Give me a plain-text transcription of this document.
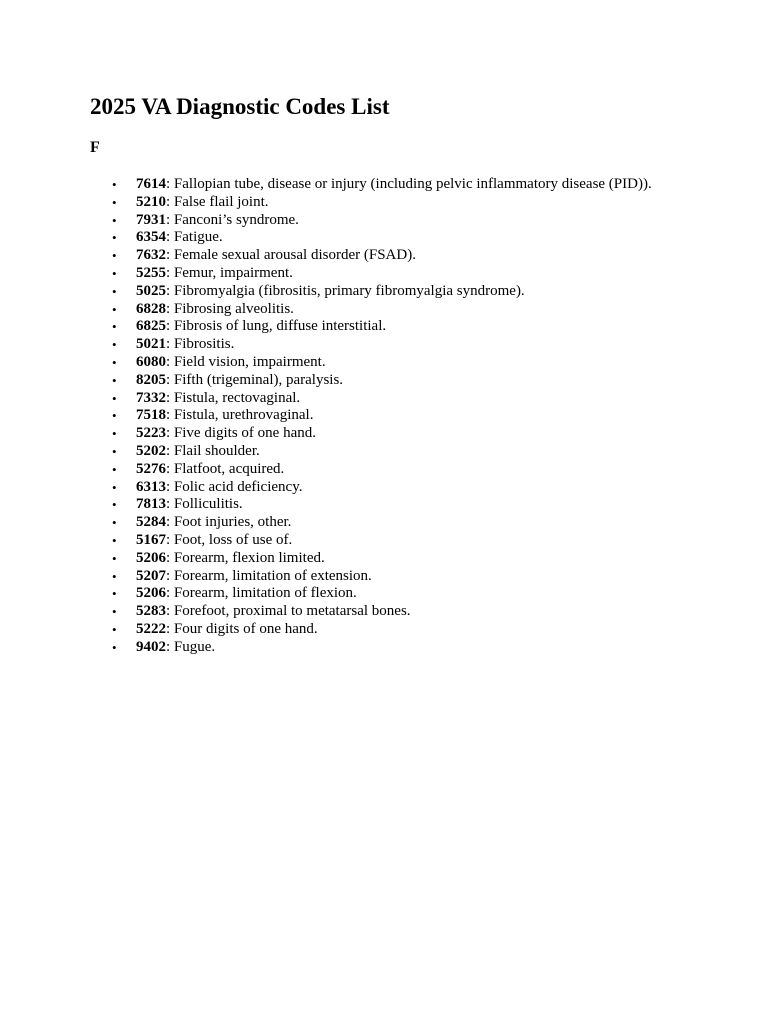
2025 VA Diagnostic Codes List

F

• 7614: Fallopian tube, disease or injury (including pelvic inflammatory disease (PID)).
• 5210: False flail joint.
• 7931: Fanconi’s syndrome.
• 6354: Fatigue.
• 7632: Female sexual arousal disorder (FSAD).
• 5255: Femur, impairment.
• 5025: Fibromyalgia (fibrositis, primary fibromyalgia syndrome).
• 6828: Fibrosing alveolitis.
• 6825: Fibrosis of lung, diffuse interstitial.
• 5021: Fibrositis.
• 6080: Field vision, impairment.
• 8205: Fifth (trigeminal), paralysis.
• 7332: Fistula, rectovaginal.
• 7518: Fistula, urethrovaginal.
• 5223: Five digits of one hand.
• 5202: Flail shoulder.
• 5276: Flatfoot, acquired.
• 6313: Folic acid deficiency.
• 7813: Folliculitis.
• 5284: Foot injuries, other.
• 5167: Foot, loss of use of.
• 5206: Forearm, flexion limited.
• 5207: Forearm, limitation of extension.
• 5206: Forearm, limitation of flexion.
• 5283: Forefoot, proximal to metatarsal bones.
• 5222: Four digits of one hand.
• 9402: Fugue.
